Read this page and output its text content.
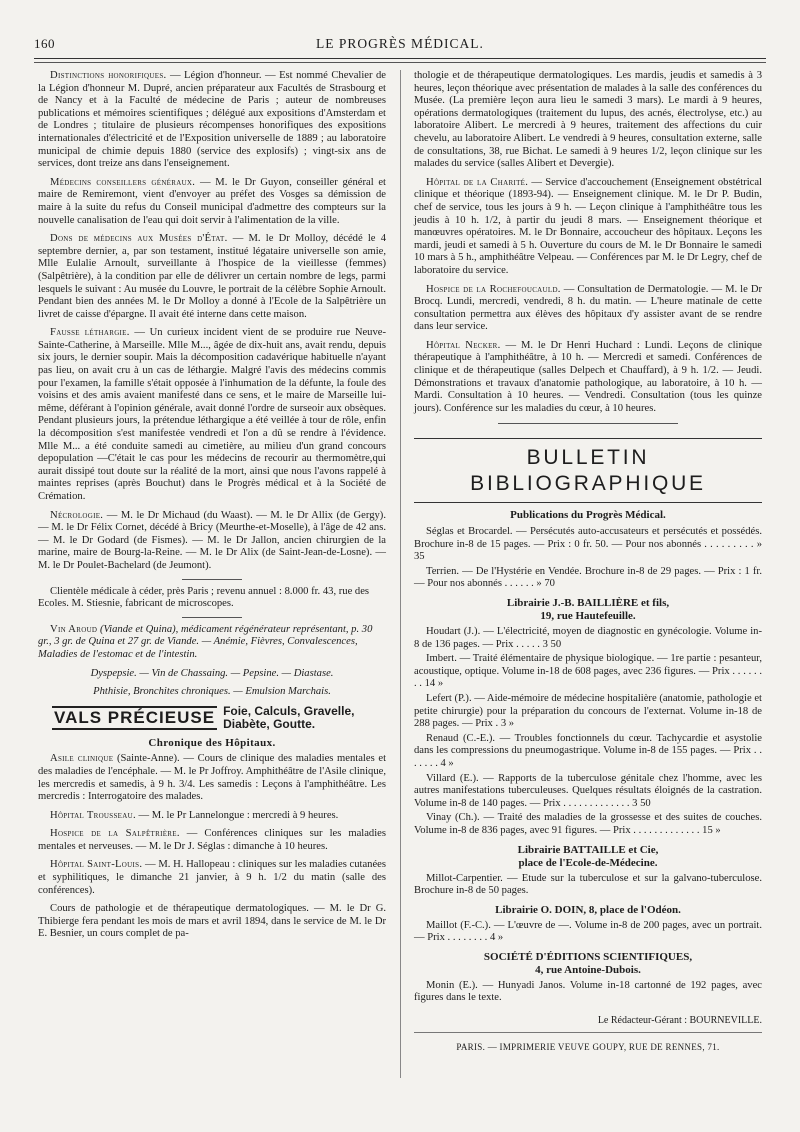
160	LE PROGRÈS MÉDICAL.

Distinctions honorifiques. — Légion d'honneur. — Est nommé Chevalier de la Légion d'honneur M. Dupré, ancien préparateur aux Facultés de Strasbourg et de Nancy et à la Faculté de médecine de Paris ; auteur de nombreuses publications et mémoires scientifiques ; délégué aux expositions d'Amsterdam et de Londres ; titulaire de plusieurs récompenses honorifiques des expositions internationales d'électricité et de l'Exposition universelle de 1889 ; au laboratoire municipal de chimie depuis 1880 (service des explosifs) ; vingt-six ans de services, dont treize ans dans l'enseignement.

Médecins conseillers généraux. — M. le Dr Guyon, conseiller général et maire de Remiremont, vient d'envoyer au préfet des Vosges sa démission de maire à la suite du refus du Conseil municipal d'admettre des compteurs sur la nouvelle canalisation de l'eau qui doit servir à l'alimentation de la ville.

Dons de médecins aux Musées d'État. — M. le Dr Molloy, décédé le 4 septembre dernier, a, par son testament, institué légataire universelle son amie, Mlle Eulalie Arnoult, surveillante à l'hospice de la vieillesse (femmes) (Salpêtrière), à la condition par elle de délivrer un certain nombre de legs, parmi lesquels le suivant : Au musée du Louvre, le portrait de la célèbre Sophie Arnoult. Pendant bien des années M. le Dr Molloy a donné à l'Ecole de la Salpêtrière un livret de caisse d'épargne. Il avait été interne dans cette maison.

Fausse léthargie. — Un curieux incident vient de se produire rue Neuve-Sainte-Catherine, à Marseille. Mlle M..., âgée de dix-huit ans, avait rendu, depuis six jours, le dernier soupir. Mais la décomposition cadavérique habituelle n'ayant pas lieu, on avait cru à un cas de léthargie. Malgré l'avis des médecins commis pour l'examen, la famille s'était opposée à l'inhumation de la défunte, la foule des voisins et des amis avaient manifesté dans ce sens, et le maire de Marseille lui-même, déférant à l'opinion générale, avait donné l'ordre de surseoir aux obsèques. Pendant plusieurs jours, la prétendue léthargique a été veillée à tour de rôle, enfin la décomposition s'est manifestée vendredi et l'on a dû se rendre à l'évidence. Mlle M... a été conduite samedi au cimetière, au milieu d'un grand concours depopulation —C'était le cas pour les médecins de recourir au thermomètre,qui aurait dissipé tout doute sur la réalité de la mort, ainsi que nous l'avons rappelé à maintes reprises (après Bouchut) dans le Progrès médical et à la Société de Crémation.

Nécrologie. — M. le Dr Michaud (du Waast). — M. le Dr Allix (de Gergy). — M. le Dr Félix Cornet, décédé à Bricy (Meurthe-et-Moselle), à l'âge de 42 ans. — M. le Dr Godard (de Fismes). — M. le Dr Jallon, ancien chirurgien de la marine, maire de Bourg-la-Reine. — M. le Dr Alix (de Saint-Jean-de-Losne). — M. le Dr Poulet-Bachelard (de Jeumont).

Clientèle médicale à céder, près Paris ; revenu annuel : 8.000 fr. 43, rue des Ecoles. M. Stiesnie, fabricant de microscopes.

Vin Aroud (Viande et Quina), médicament régénérateur représentant, p. 30 gr., 3 gr. de Quina et 27 gr. de Viande. — Anémie, Fièvres, Convalescences, Maladies de l'estomac et de l'intestin.

Dyspepsie. — Vin de Chassaing. — Pepsine. — Diastase.

Phthisie, Bronchites chroniques. — Emulsion Marchais.

VALS PRÉCIEUSE Foie, Calculs, Gravelle,
Diabète, Goutte.
Chronique des Hôpitaux.

Asile clinique (Sainte-Anne). — Cours de clinique des maladies mentales et des maladies de l'encéphale. — M. le Pr Joffroy. Amphithéâtre de l'Asile clinique, les mercredis et samedis, à 9 h. 3/4. Les samedis : Leçons à l'amphithéâtre. Les mercredis : Interrogatoire des malades.

Hôpital Trousseau. — M. le Pr Lannelongue : mercredi à 9 heures.

Hospice de la Salpêtrière. — Conférences cliniques sur les maladies mentales et nerveuses. — M. le Dr J. Séglas : dimanche à 10 heures.

Hôpital Saint-Louis. — M. H. Hallopeau : cliniques sur les maladies cutanées et syphilitiques, le dimanche 21 janvier, à 9 h. 1/2 du matin (salle des conférences).

Cours de pathologie et de thérapeutique dermatologiques. — M. le Dr G. Thibierge fera pendant les mois de mars et avril 1894, dans le service de M. le Dr E. Besnier, un cours complet de pa-

thologie et de thérapeutique dermatologiques. Les mardis, jeudis et samedis à 3 heures, leçon théorique avec présentation de malades à la salle des conférences du Musée. (La première leçon aura lieu le samedi 3 mars). Le mardi à 9 heures, opérations dermatologiques (traitement du lupus, des acnés, électrolyse, etc.) au laboratoire Alibert. Le mercredi à 9 heures, traitement des affections du cuir chevelu, au laboratoire Alibert. Le vendredi à 9 heures, consultation externe, salle de consultations, 38, rue Bichat. Le samedi à 9 heures 1/2, leçon clinique sur les malades du service (salles Alibert et Devergie).

Hôpital de la Charité. — Service d'accouchement (Enseignement obstétrical clinique et théorique (1893-94). — Enseignement clinique. M. le Dr P. Budin, chef de service, tous les jours à 9 h. — Leçon clinique à l'amphithéâtre tous les jeudis à 10 h. 1/2, à partir du jeudi 8 mars. — Enseignement théorique et manœuvres opératoires. M. le Dr Bonnaire, accoucheur des hôpitaux. Leçons les mardi, jeudi et samedi à 5 h. Ouverture du cours de M. le Dr Bonnaire le samedi 10 mars à 5 h., amphithéâtre Velpeau. — Conférences par M. le Dr Legry, chef de laboratoire du service.

Hospice de la Rochefoucauld. — Consultation de Dermatologie. — M. le Dr Brocq. Lundi, mercredi, vendredi, 8 h. du matin. — L'heure matinale de cette consultation permettra aux élèves des hôpitaux d'y assister avant de se rendre dans leur service.

Hôpital Necker. — M. le Dr Henri Huchard : Lundi. Leçons de clinique thérapeutique à l'amphithéâtre, à 10 h. — Mercredi et samedi. Conférences de clinique et de thérapeutique (salles Delpech et Chauffard), à 9 h. 1/2. — Jeudi. Démonstrations et travaux d'anatomie pathologique, au laboratoire, à 10 h. — Mardi. Consultation à 10 heures. — Vendredi. Consultation (tous les quinze jours). Conférence sur les maladies du cœur, à 10 heures.

BULLETIN BIBLIOGRAPHIQUE
Publications du Progrès Médical.
Séglas et Brocardel. — Persécutés auto-accusateurs et persécutés et possédés. Brochure in-8 de 15 pages. — Prix : 0 fr. 50. — Pour nos abonnés . . . . . . . . . » 35
Terrien. — De l'Hystérie en Vendée. Brochure in-8 de 29 pages. — Prix : 1 fr. — Pour nos abonnés . . . . . . » 70
Librairie J.-B. BAILLIÈRE et fils,
19, rue Hautefeuille.
Houdart (J.). — L'électricité, moyen de diagnostic en gynécologie. Volume in-8 de 136 pages. — Prix . . . . . 3 50
Imbert. — Traité élémentaire de physique biologique. — 1re partie : pesanteur, acoustique, optique. Volume in-18 de 608 pages, avec 236 figures. — Prix . . . . . . . . 14 »
Lefert (P.). — Aide-mémoire de médecine hospitalière (anatomie, pathologie et petite chirurgie) pour la préparation du concours de l'externat. Volume in-18 de 288 pages. — Prix . 3 »
Renaud (C.-E.). — Troubles fonctionnels du cœur. Tachycardie et asystolie dans les compressions du pneumogastrique. Volume in-8 de 155 pages. — Prix . . . . . . . 4 »
Villard (E.). — Rapports de la tuberculose génitale chez l'homme, avec les autres manifestations tuberculeuses. Quelques résultats éloignés de la castration. Volume in-8 de 140 pages. — Prix . . . . . . . . . . . . . 3 50
Vinay (Ch.). — Traité des maladies de la grossesse et des suites de couches. Volume in-8 de 836 pages, avec 91 figures. — Prix . . . . . . . . . . . . . 15 »
Librairie BATTAILLE et Cie,
place de l'Ecole-de-Médecine.
Millot-Carpentier. — Etude sur la tuberculose et sur la galvano-tuberculose. Brochure in-8 de 50 pages.
Librairie O. DOIN, 8, place de l'Odéon.
Maillot (F.-C.). — L'œuvre de —. Volume in-8 de 200 pages, avec un portrait. — Prix . . . . . . . . 4 »
SOCIÉTÉ D'ÉDITIONS SCIENTIFIQUES,
4, rue Antoine-Dubois.
Monin (E.). — Hunyadi Janos. Volume in-18 cartonné de 192 pages, avec figures dans le texte.
Le Rédacteur-Gérant : BOURNEVILLE.
PARIS. — IMPRIMERIE VEUVE GOUPY, RUE DE RENNES, 71.
